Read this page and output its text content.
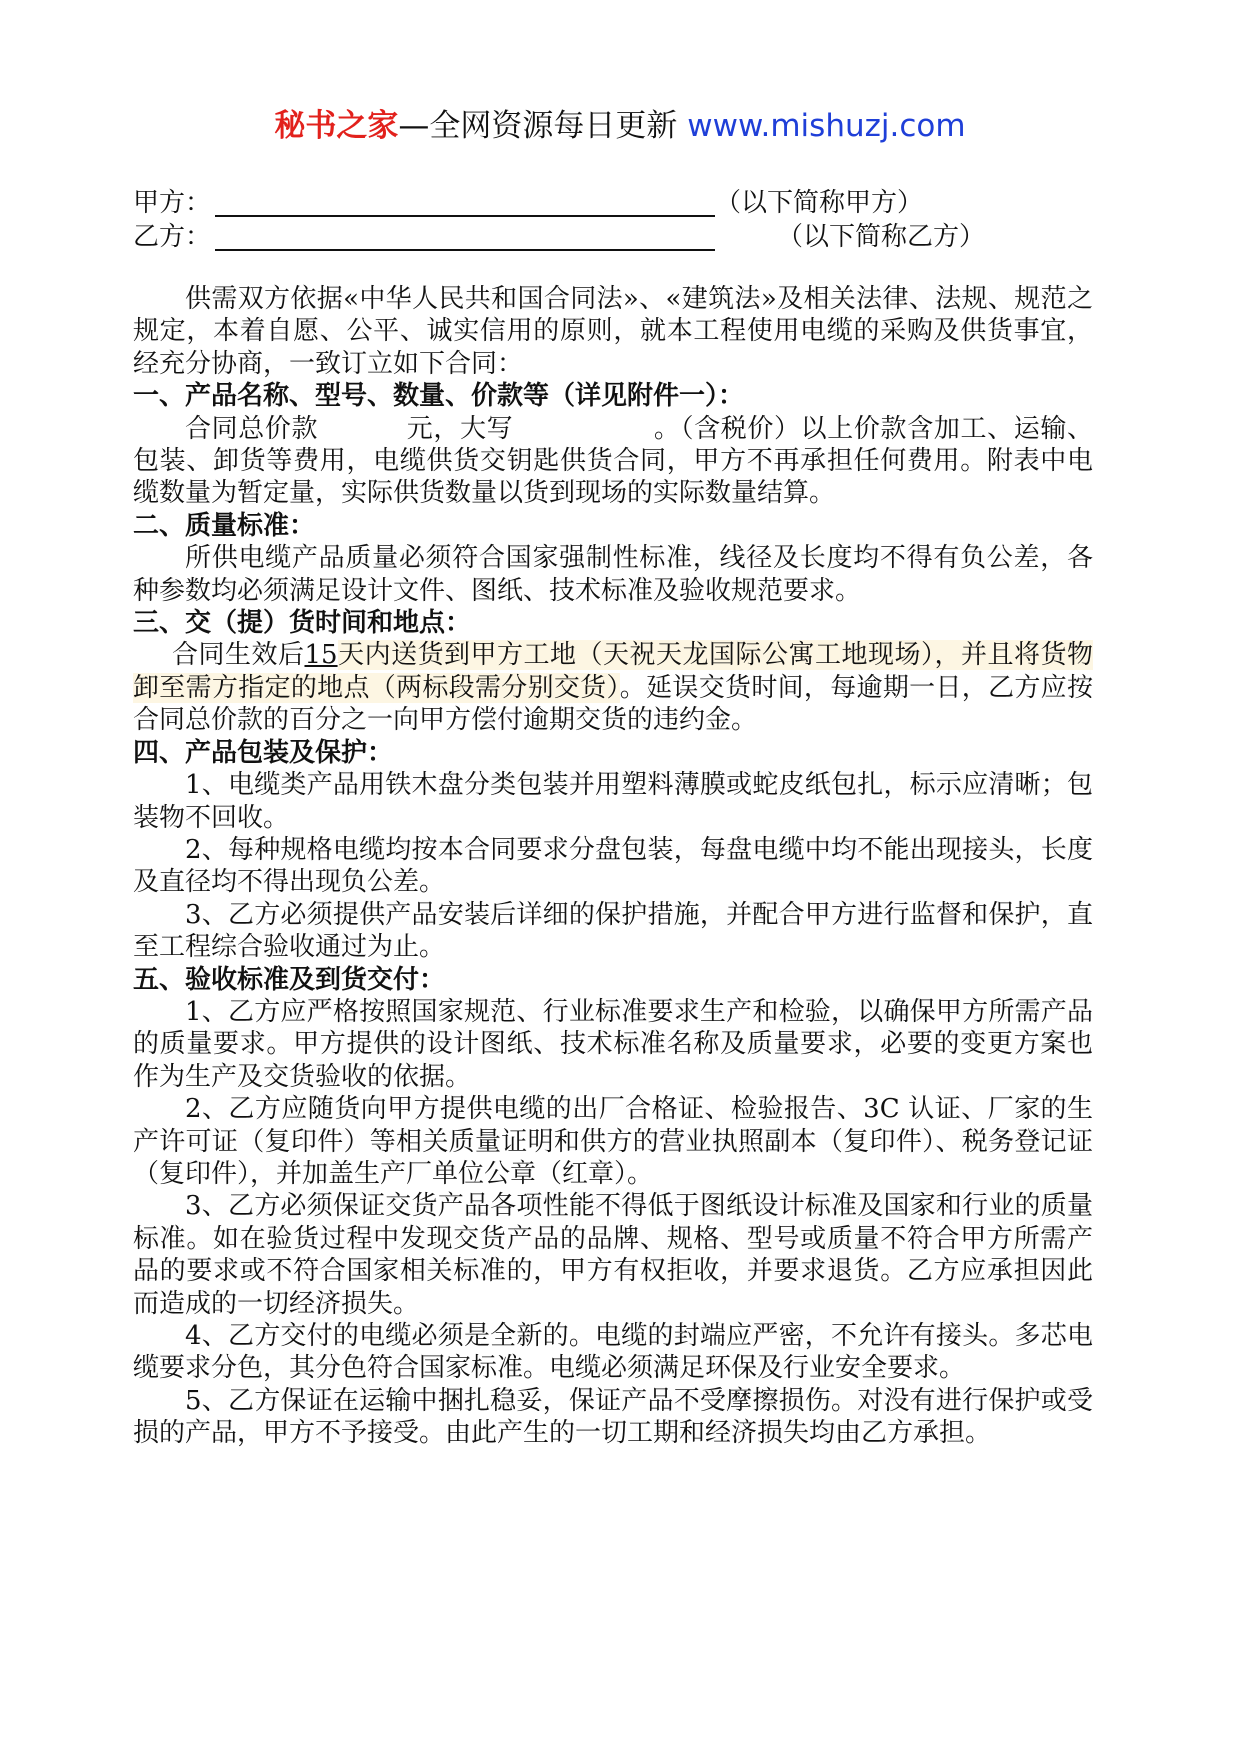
秘书之家—全网资源每日更新 www.mishuzj.com
甲方：	（以下简称甲方）
乙方：	（以下简称乙方）

供需双方依据«中华人民共和国合同法»、«建筑法»及相关法律、法规、规范之规定，本着自愿、公平、诚实信用的原则，就本工程使用电缆的采购及供货事宜，经充分协商，一致订立如下合同：

一、产品名称、型号、数量、价款等（详见附件一）：

合同总价款	元，大写	。（含税价）以上价款含加工、运输、包装、卸货等费用，电缆供货交钥匙供货合同，甲方不再承担任何费用。附表中电缆数量为暂定量，实际供货数量以货到现场的实际数量结算。

二、质量标准：

所供电缆产品质量必须符合国家强制性标准，线径及长度均不得有负公差，各种参数均必须满足设计文件、图纸、技术标准及验收规范要求。

三、交（提）货时间和地点：

合同生效后15天内送货到甲方工地（天祝天龙国际公寓工地现场），并且将货物卸至需方指定的地点（两标段需分别交货）。延误交货时间，每逾期一日，乙方应按合同总价款的百分之一向甲方偿付逾期交货的违约金。

四、产品包装及保护：

1、电缆类产品用铁木盘分类包装并用塑料薄膜或蛇皮纸包扎，标示应清晰；包装物不回收。

2、每种规格电缆均按本合同要求分盘包装，每盘电缆中均不能出现接头，长度及直径均不得出现负公差。

3、乙方必须提供产品安装后详细的保护措施，并配合甲方进行监督和保护，直至工程综合验收通过为止。

五、验收标准及到货交付：

1、乙方应严格按照国家规范、行业标准要求生产和检验，以确保甲方所需产品的质量要求。甲方提供的设计图纸、技术标准名称及质量要求，必要的变更方案也作为生产及交货验收的依据。

2、乙方应随货向甲方提供电缆的出厂合格证、检验报告、3C 认证、厂家的生产许可证（复印件）等相关质量证明和供方的营业执照副本（复印件）、税务登记证（复印件），并加盖生产厂单位公章（红章）。

3、乙方必须保证交货产品各项性能不得低于图纸设计标准及国家和行业的质量标准。如在验货过程中发现交货产品的品牌、规格、型号或质量不符合甲方所需产品的要求或不符合国家相关标准的，甲方有权拒收，并要求退货。乙方应承担因此而造成的一切经济损失。

4、乙方交付的电缆必须是全新的。电缆的封端应严密，不允许有接头。多芯电缆要求分色，其分色符合国家标准。电缆必须满足环保及行业安全要求。

5、乙方保证在运输中捆扎稳妥，保证产品不受摩擦损伤。对没有进行保护或受损的产品，甲方不予接受。由此产生的一切工期和经济损失均由乙方承担。
